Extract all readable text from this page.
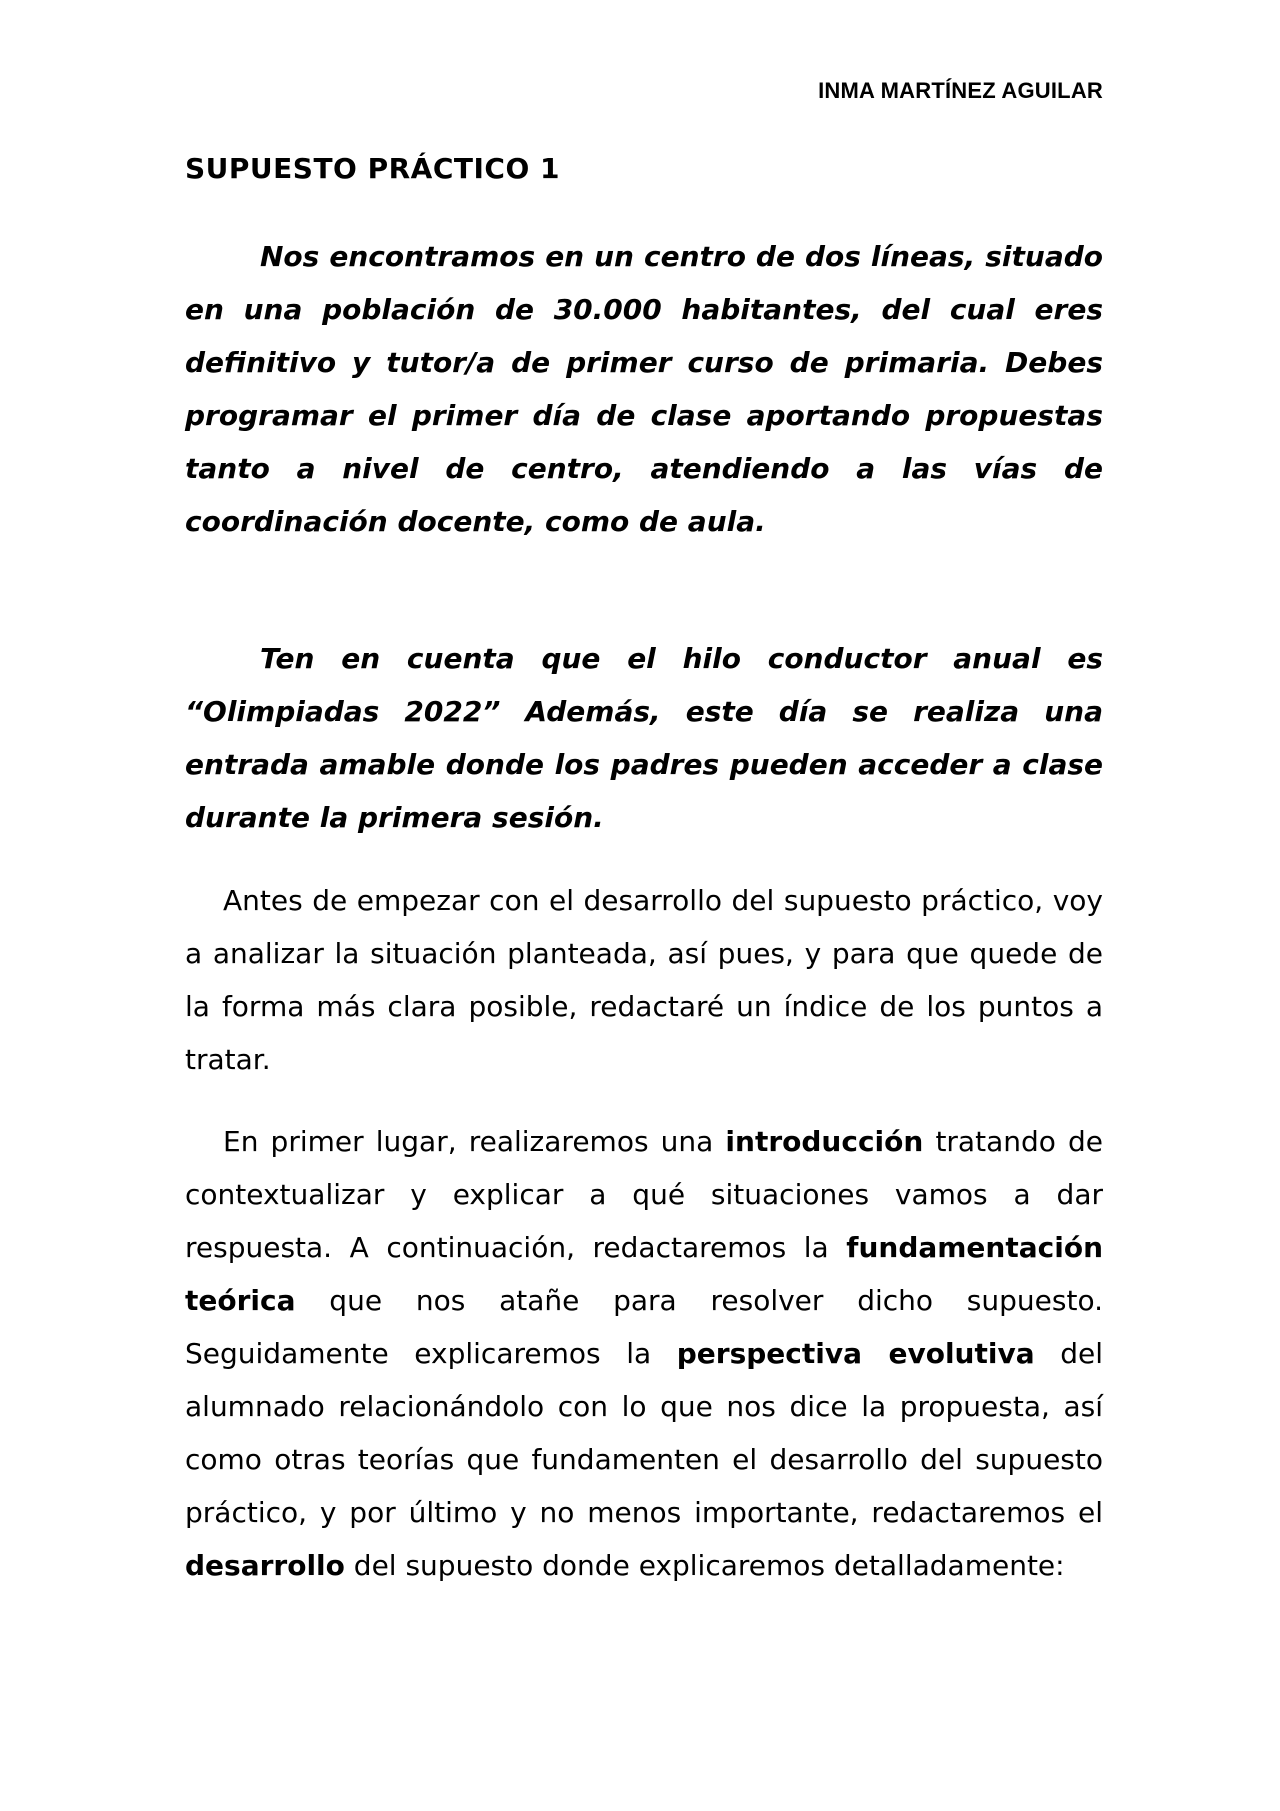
INMA MARTÍNEZ AGUILAR
SUPUESTO PRÁCTICO 1

Nos encontramos en un centro de dos líneas, situado en una población de 30.000 habitantes, del cual eres definitivo y tutor/a de primer curso de primaria. Debes programar el primer día de clase aportando propuestas tanto a nivel de centro, atendiendo a las vías de coordinación docente, como de aula.

Ten en cuenta que el hilo conductor anual es “Olimpiadas 2022” Además, este día se realiza una entrada amable donde los padres pueden acceder a clase durante la primera sesión.

Antes de empezar con el desarrollo del supuesto práctico, voy a analizar la situación planteada, así pues, y para que quede de la forma más clara posible, redactaré un índice de los puntos a tratar.

En primer lugar, realizaremos una introducción tratando de contextualizar y explicar a qué situaciones vamos a dar respuesta. A continuación, redactaremos la fundamentación teórica que nos atañe para resolver dicho supuesto. Seguidamente explicaremos la perspectiva evolutiva del alumnado relacionándolo con lo que nos dice la propuesta, así como otras teorías que fundamenten el desarrollo del supuesto práctico, y por último y no menos importante, redactaremos el desarrollo del supuesto donde explicaremos detalladamente:
